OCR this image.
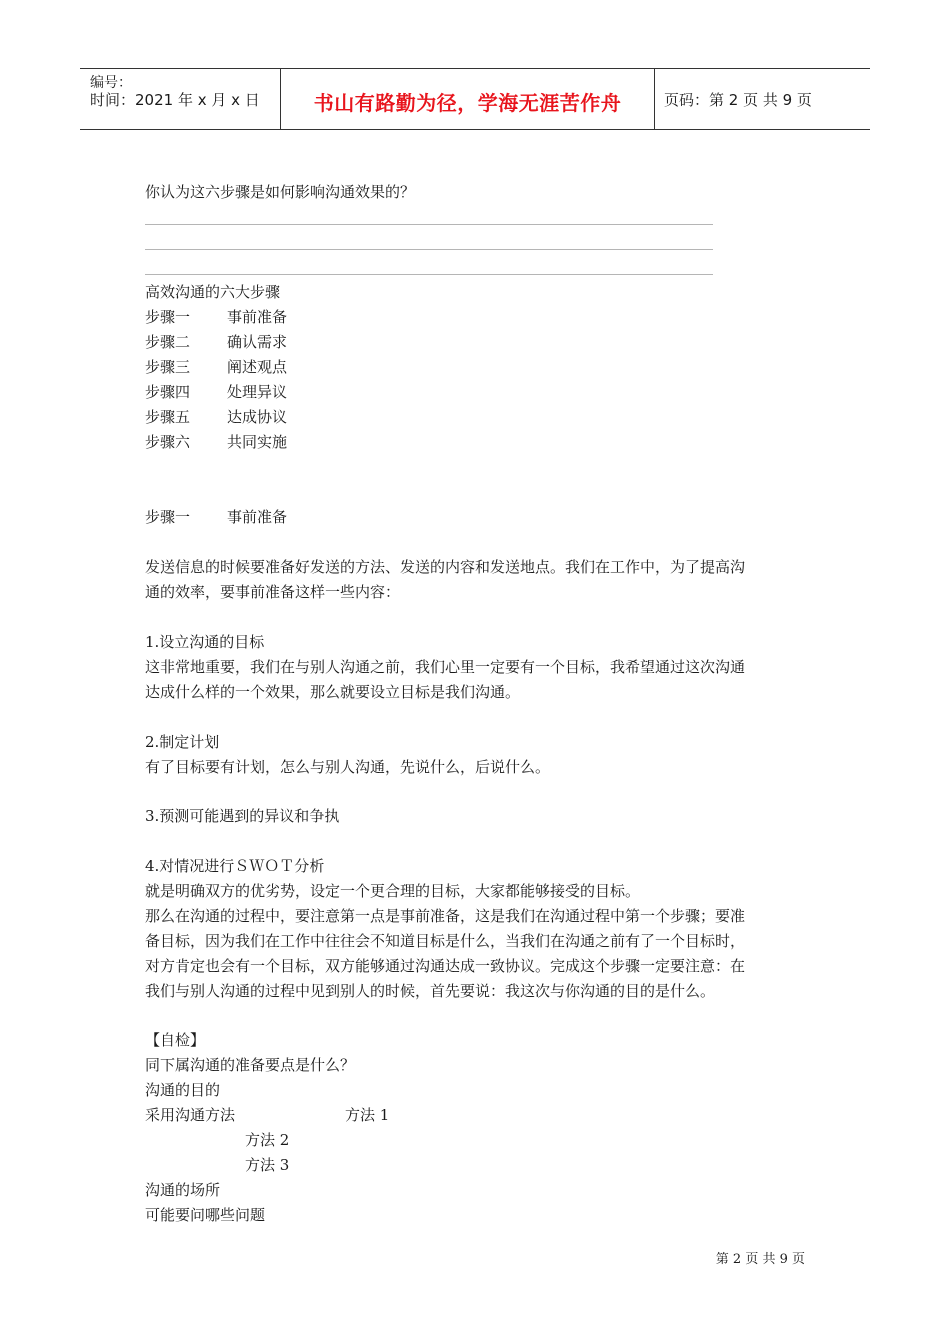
编号：
时间：2021 年 x 月 x 日	书山有路勤为径，学海无涯苦作舟	页码：第 2 页 共 9 页
你认为这六步骤是如何影响沟通效果的？
高效沟通的六大步骤
步骤一 事前准备
步骤二 确认需求
步骤三 阐述观点
步骤四 处理异议
步骤五 达成协议
步骤六 共同实施
步骤一 事前准备
发送信息的时候要准备好发送的方法、发送的内容和发送地点。我们在工作中，为了提高沟
通的效率，要事前准备这样一些内容：
1.设立沟通的目标
这非常地重要，我们在与别人沟通之前，我们心里一定要有一个目标，我希望通过这次沟通
达成什么样的一个效果，那么就要设立目标是我们沟通。
2.制定计划
有了目标要有计划，怎么与别人沟通，先说什么，后说什么。
3.预测可能遇到的异议和争执
4.对情况进行ＳＷＯＴ分析
就是明确双方的优劣势，设定一个更合理的目标，大家都能够接受的目标。
那么在沟通的过程中，要注意第一点是事前准备，这是我们在沟通过程中第一个步骤；要准
备目标，因为我们在工作中往往会不知道目标是什么，当我们在沟通之前有了一个目标时，
对方肯定也会有一个目标，双方能够通过沟通达成一致协议。完成这个步骤一定要注意：在
我们与别人沟通的过程中见到别人的时候，首先要说：我这次与你沟通的目的是什么。
【自检】
同下属沟通的准备要点是什么？
沟通的目的
采用沟通方法	方法 1
方法 2
方法 3
沟通的场所
可能要问哪些问题
第 2 页 共 9 页
